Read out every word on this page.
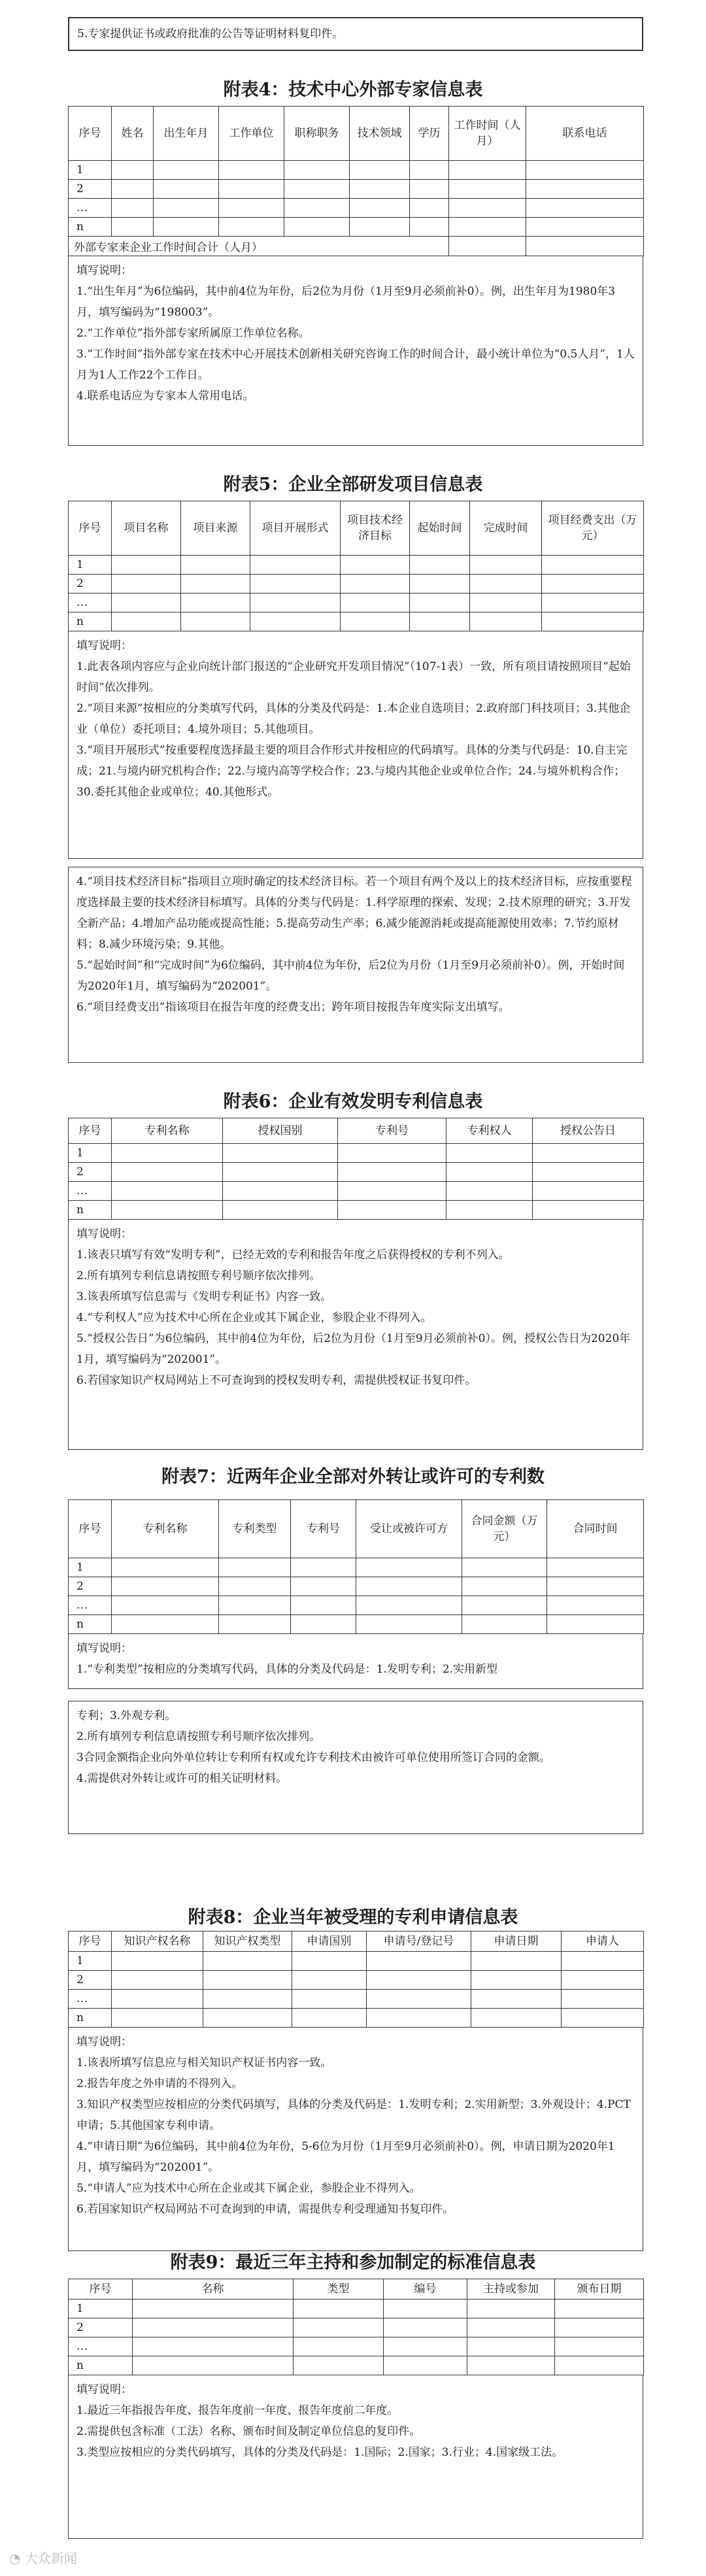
5.专家提供证书或政府批准的公告等证明材料复印件。
附表4：技术中心外部专家信息表
序号	姓名	出生年月	工作单位	职称职务	技术领域	学历	工作时间（人月）	联系电话
1								
2								
…								
n								
外部专家来企业工作时间合计（人月）								

填写说明：

1.“出生年月”为6位编码，其中前4位为年份，后2位为月份（1月至9月必须前补0）。例，出生年月为1980年3月，填写编码为“198003”。

2.“工作单位”指外部专家所属原工作单位名称。

3.“工作时间”指外部专家在技术中心开展技术创新相关研究咨询工作的时间合计，最小统计单位为“0.5人月”，1人月为1人工作22个工作日。

4.联系电话应为专家本人常用电话。

附表5：企业全部研发项目信息表
序号	项目名称	项目来源	项目开展形式	项目技术经济目标	起始时间	完成时间	项目经费支出（万元）
1							
2							
…							
n							

填写说明：

1.此表各项内容应与企业向统计部门报送的“企业研究开发项目情况”（107-1表）一致，所有项目请按照项目“起始时间”依次排列。

2.“项目来源”按相应的分类填写代码，具体的分类及代码是：1.本企业自选项目；2.政府部门科技项目；3.其他企业（单位）委托项目；4.境外项目；5.其他项目。

3.“项目开展形式”按重要程度选择最主要的项目合作形式并按相应的代码填写。具体的分类与代码是：10.自主完成；21.与境内研究机构合作；22.与境内高等学校合作；23.与境内其他企业或单位合作；24.与境外机构合作；30.委托其他企业或单位；40.其他形式。

4.“项目技术经济目标”指项目立项时确定的技术经济目标。若一个项目有两个及以上的技术经济目标，应按重要程度选择最主要的技术经济目标填写。具体的分类与代码是：1.科学原理的探索、发现；2.技术原理的研究；3.开发全新产品；4.增加产品功能或提高性能；5.提高劳动生产率；6.减少能源消耗或提高能源使用效率；7.节约原材料；8.减少环境污染；9.其他。

5.“起始时间”和“完成时间”为6位编码，其中前4位为年份，后2位为月份（1月至9月必须前补0）。例，开始时间为2020年1月，填写编码为“202001”。

6.“项目经费支出”指该项目在报告年度的经费支出；跨年项目按报告年度实际支出填写。

附表6：企业有效发明专利信息表
序号	专利名称	授权国别	专利号	专利权人	授权公告日
1					
2					
…					
n					

填写说明：

1.该表只填写有效“发明专利”，已经无效的专利和报告年度之后获得授权的专利不列入。

2.所有填列专利信息请按照专利号顺序依次排列。

3.该表所填写信息需与《发明专利证书》内容一致。

4.“专利权人”应为技术中心所在企业或其下属企业，参股企业不得列入。

5.“授权公告日”为6位编码，其中前4位为年份，后2位为月份（1月至9月必须前补0）。例，授权公告日为2020年1月，填写编码为“202001”。

6.若国家知识产权局网站上不可查询到的授权发明专利，需提供授权证书复印件。

附表7：近两年企业全部对外转让或许可的专利数
序号	专利名称	专利类型	专利号	受让或被许可方	合同金额（万元）	合同时间
1						
2						
…						
n						

填写说明：

1.“专利类型”按相应的分类填写代码，具体的分类及代码是：1.发明专利；2.实用新型

专利；3.外观专利。

2.所有填列专利信息请按照专利号顺序依次排列。

3合同金额指企业向外单位转让专利所有权或允许专利技术由被许可单位使用所签订合同的金额。

4.需提供对外转让或许可的相关证明材料。

附表8：企业当年被受理的专利申请信息表
序号	知识产权名称	知识产权类型	申请国别	申请号/登记号	申请日期	申请人
1						
2						
…						
n						

填写说明：

1.该表所填写信息应与相关知识产权证书内容一致。

2.报告年度之外申请的不得列入。

3.知识产权类型应按相应的分类代码填写，具体的分类及代码是：1.发明专利；2.实用新型；3.外观设计；4.PCT申请；5.其他国家专利申请。

4.“申请日期”为6位编码，其中前4位为年份，5-6位为月份（1月至9月必须前补0）。例，申请日期为2020年1月，填写编码为“202001”。

5.“申请人”应为技术中心所在企业或其下属企业，参股企业不得列入。

6.若国家知识产权局网站不可查询到的申请，需提供专利受理通知书复印件。

附表9：最近三年主持和参加制定的标准信息表
序号	名称	类型	编号	主持或参加	颁布日期
1					
2					
…					
n					

填写说明：

1.最近三年指报告年度、报告年度前一年度、报告年度前二年度。

2.需提供包含标准（工法）名称、颁布时间及制定单位信息的复印件。

3.类型应按相应的分类代码填写，具体的分类及代码是：1.国际；2.国家；3.行业；4.国家级工法。

◔ 大众新闻
